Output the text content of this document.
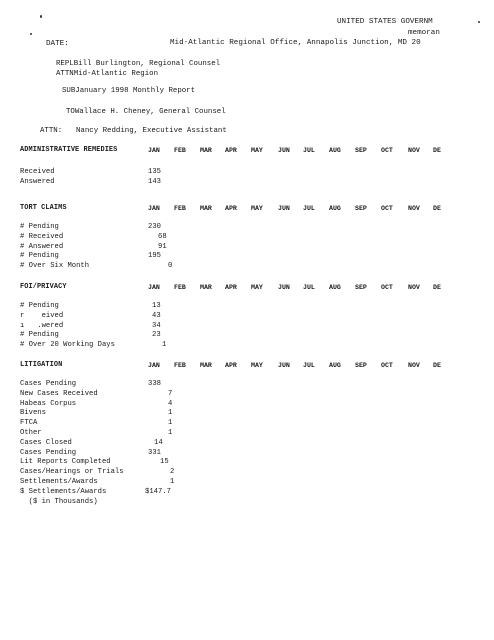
UNITED STATES GOVERNM
memoran
DATE:	Mid-Atlantic Regional Office, Annapolis Junction, MD 20
REPLBill Burlington, Regional Counsel
ATTNMid-Atlantic Region
SUBJanuary 1998 Monthly Report
TOWallace H. Cheney, General Counsel
ATTN: Nancy Redding, Executive Assistant
ADMINISTRATIVE REMEDIES	JAN FEB MAR APR MAY JUN JUL AUG SEP OCT NOV DE
Received	135
Answered	143
TORT CLAIMS	JAN FEB MAR APR MAY JUN JUL AUG SEP OCT NOV DE
# Pending	230
# Received	68
# Answered	91
# Pending	195
# Over Six Month	0
FOI/PRIVACY	JAN FEB MAR APR MAY JUN JUL AUG SEP OCT NOV DE
# Pending	13
r    eived	43
ı   .wered	34
# Pending	23
# Over 20 Working Days	1
LITIGATION	JAN FEB MAR APR MAY JUN JUL AUG SEP OCT NOV DE
Cases Pending	338
New Cases Received	7
Habeas Corpus	4
Bivens	1
FTCA	1
Other	1
Cases Closed	14
Cases Pending	331
Lit Reports Completed	15
Cases/Hearings or Trials	2
Settlements/Awards	1
$ Settlements/Awards	$147.7
($ in Thousands)
